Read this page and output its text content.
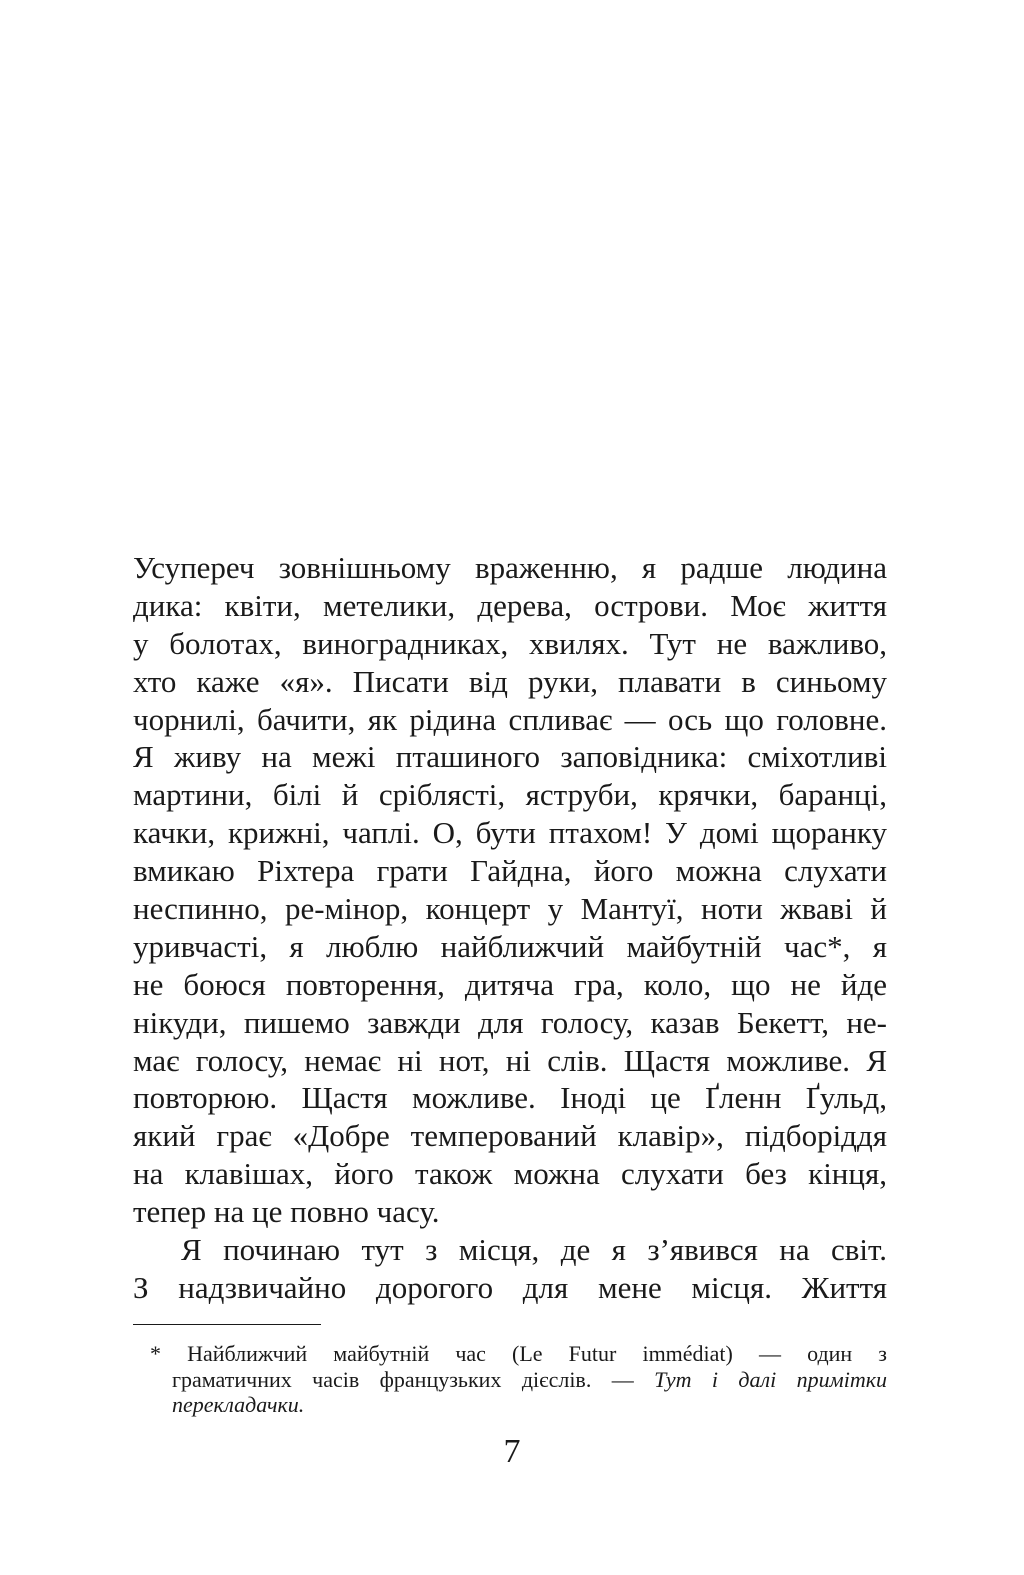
Усупереч зовнішньому враженню, я радше людина
дика: квіти, метелики, дерева, острови. Моє життя
у болотах, виноградниках, хвилях. Тут не важливо,
хто каже «я». Писати від руки, плавати в синьому
чорнилі, бачити, як рідина спливає — ось що головне.
Я живу на межі пташиного заповідника: сміхотливі
мартини, білі й сріблясті, яструби, крячки, баранці,
качки, крижні, чаплі. О, бути птахом! У домі щоранку
вмикаю Ріхтера грати Гайдна, його можна слухати
неспинно, ре-мінор, концерт у Мантуї, ноти жваві й
уривчасті, я люблю найближчий майбутній час*, я
не боюся повторення, дитяча гра, коло, що не йде
нікуди, пишемо завжди для голосу, казав Бекетт, не-
має голосу, немає ні нот, ні слів. Щастя можливе. Я
повторюю. Щастя можливе. Іноді це Ґленн Ґульд,
який грає «Добре темперований клавір», підборіддя
на клавішах, його також можна слухати без кінця,
тепер на це повно часу.
Я починаю тут з місця, де я з’явився на світ.
З надзвичайно дорогого для мене місця. Життя
* Найближчий майбутній час (Le Futur immédiat) — один з
граматичних часів французьких дієслів. — Тут і далі примітки
перекладачки.
7
